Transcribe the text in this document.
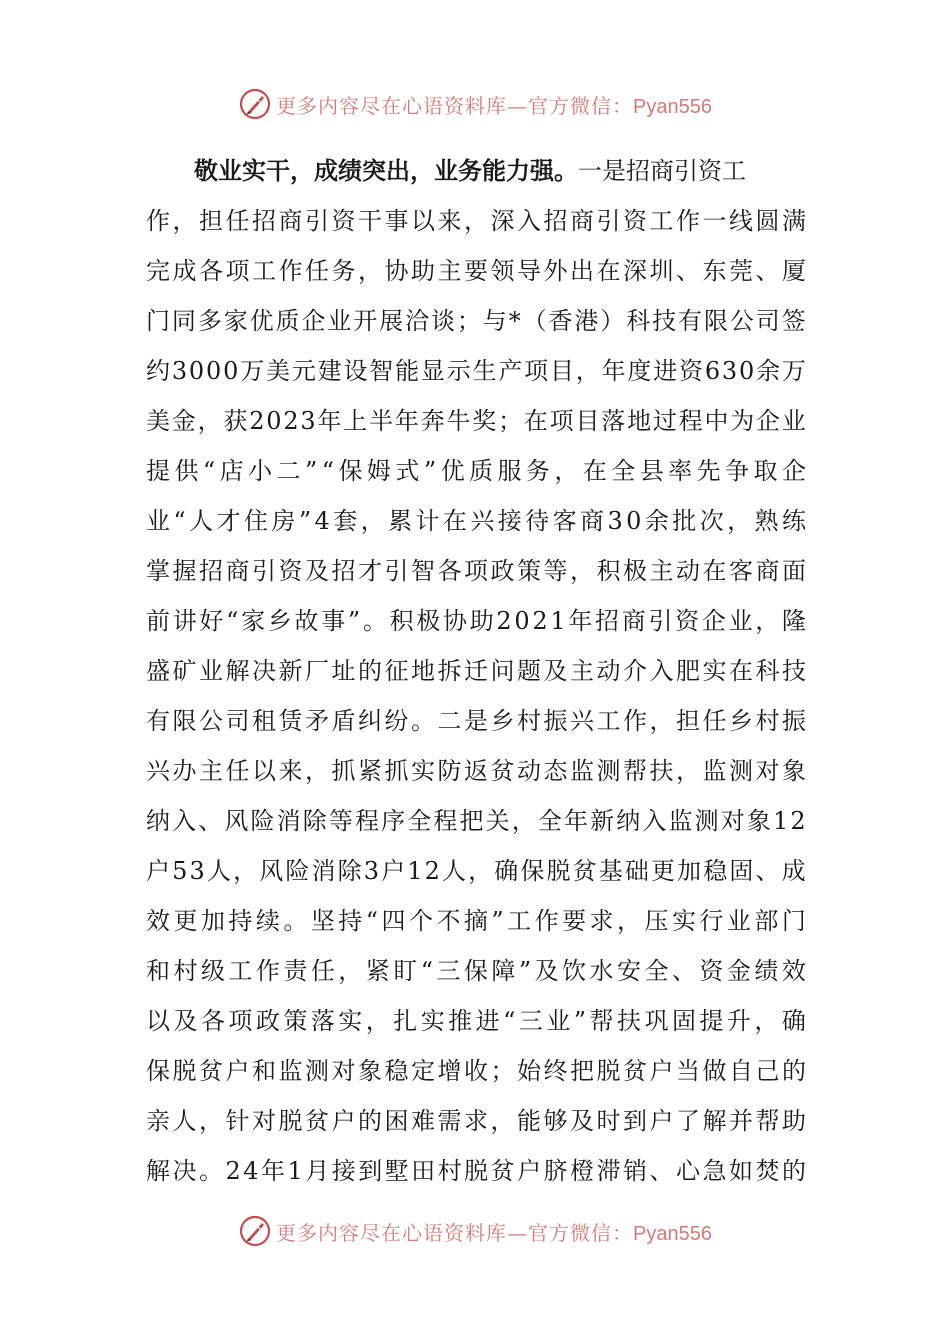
更多内容尽在心语资料库—官方微信：Pyan556
敬业实干，成绩突出，业务能力强。 一是招商引资工
作 ， 担 任 招 商 引 资 干 事 以 来 ， 深 入 招 商 引 资 工 作 一 线 圆 满
完 成 各 项 工 作 任 务 ， 协 助 主 要 领 导 外 出 在 深 圳 、 东 莞 、 厦
门 同 多 家 优 质 企 业 开 展 洽 谈 ； 与 * （ 香 港 ） 科 技 有 限 公 司 签
约 3 0 0 0 万 美 元 建 设 智 能 显 示 生 产 项 目 ， 年 度 进 资 6 3 0 余 万
美 金 ， 获 2 0 2 3 年 上 半 年 奔 牛 奖 ； 在 项 目 落 地 过 程 中 为 企 业
提 供 “ 店 小 二 ” “ 保 姆 式 ” 优 质 服 务 ， 在 全 县 率 先 争 取 企
业 “ 人 才 住 房 ” 4 套 ， 累 计 在 兴 接 待 客 商 3 0 余 批 次 ， 熟 练
掌 握 招 商 引 资 及 招 才 引 智 各 项 政 策 等 ， 积 极 主 动 在 客 商 面
前 讲 好 “ 家 乡 故 事 ” 。 积 极 协 助 2 0 2 1 年 招 商 引 资 企 业 ， 隆
盛 矿 业 解 决 新 厂 址 的 征 地 拆 迁 问 题 及 主 动 介 入 肥 实 在 科 技
有 限 公 司 租 赁 矛 盾 纠 纷 。 二 是 乡 村 振 兴 工 作 ， 担 任 乡 村 振
兴 办 主 任 以 来 ， 抓 紧 抓 实 防 返 贫 动 态 监 测 帮 扶 ， 监 测 对 象
纳 入 、 风 险 消 除 等 程 序 全 程 把 关 ， 全 年 新 纳 入 监 测 对 象 1 2
户 5 3 人 ， 风 险 消 除 3 户 1 2 人 ， 确 保 脱 贫 基 础 更 加 稳 固 、 成
效 更 加 持 续 。 坚 持 “ 四 个 不 摘 ” 工 作 要 求 ， 压 实 行 业 部 门
和 村 级 工 作 责 任 ， 紧 盯 “ 三 保 障 ” 及 饮 水 安 全 、 资 金 绩 效
以 及 各 项 政 策 落 实 ， 扎 实 推 进 “ 三 业 ” 帮 扶 巩 固 提 升 ， 确
保 脱 贫 户 和 监 测 对 象 稳 定 增 收 ； 始 终 把 脱 贫 户 当 做 自 己 的
亲 人 ， 针 对 脱 贫 户 的 困 难 需 求 ， 能 够 及 时 到 户 了 解 并 帮 助
解 决 。 2 4 年 1 月 接 到 墅 田 村 脱 贫 户 脐 橙 滞 销 、 心 急 如 焚 的
更多内容尽在心语资料库—官方微信：Pyan556
